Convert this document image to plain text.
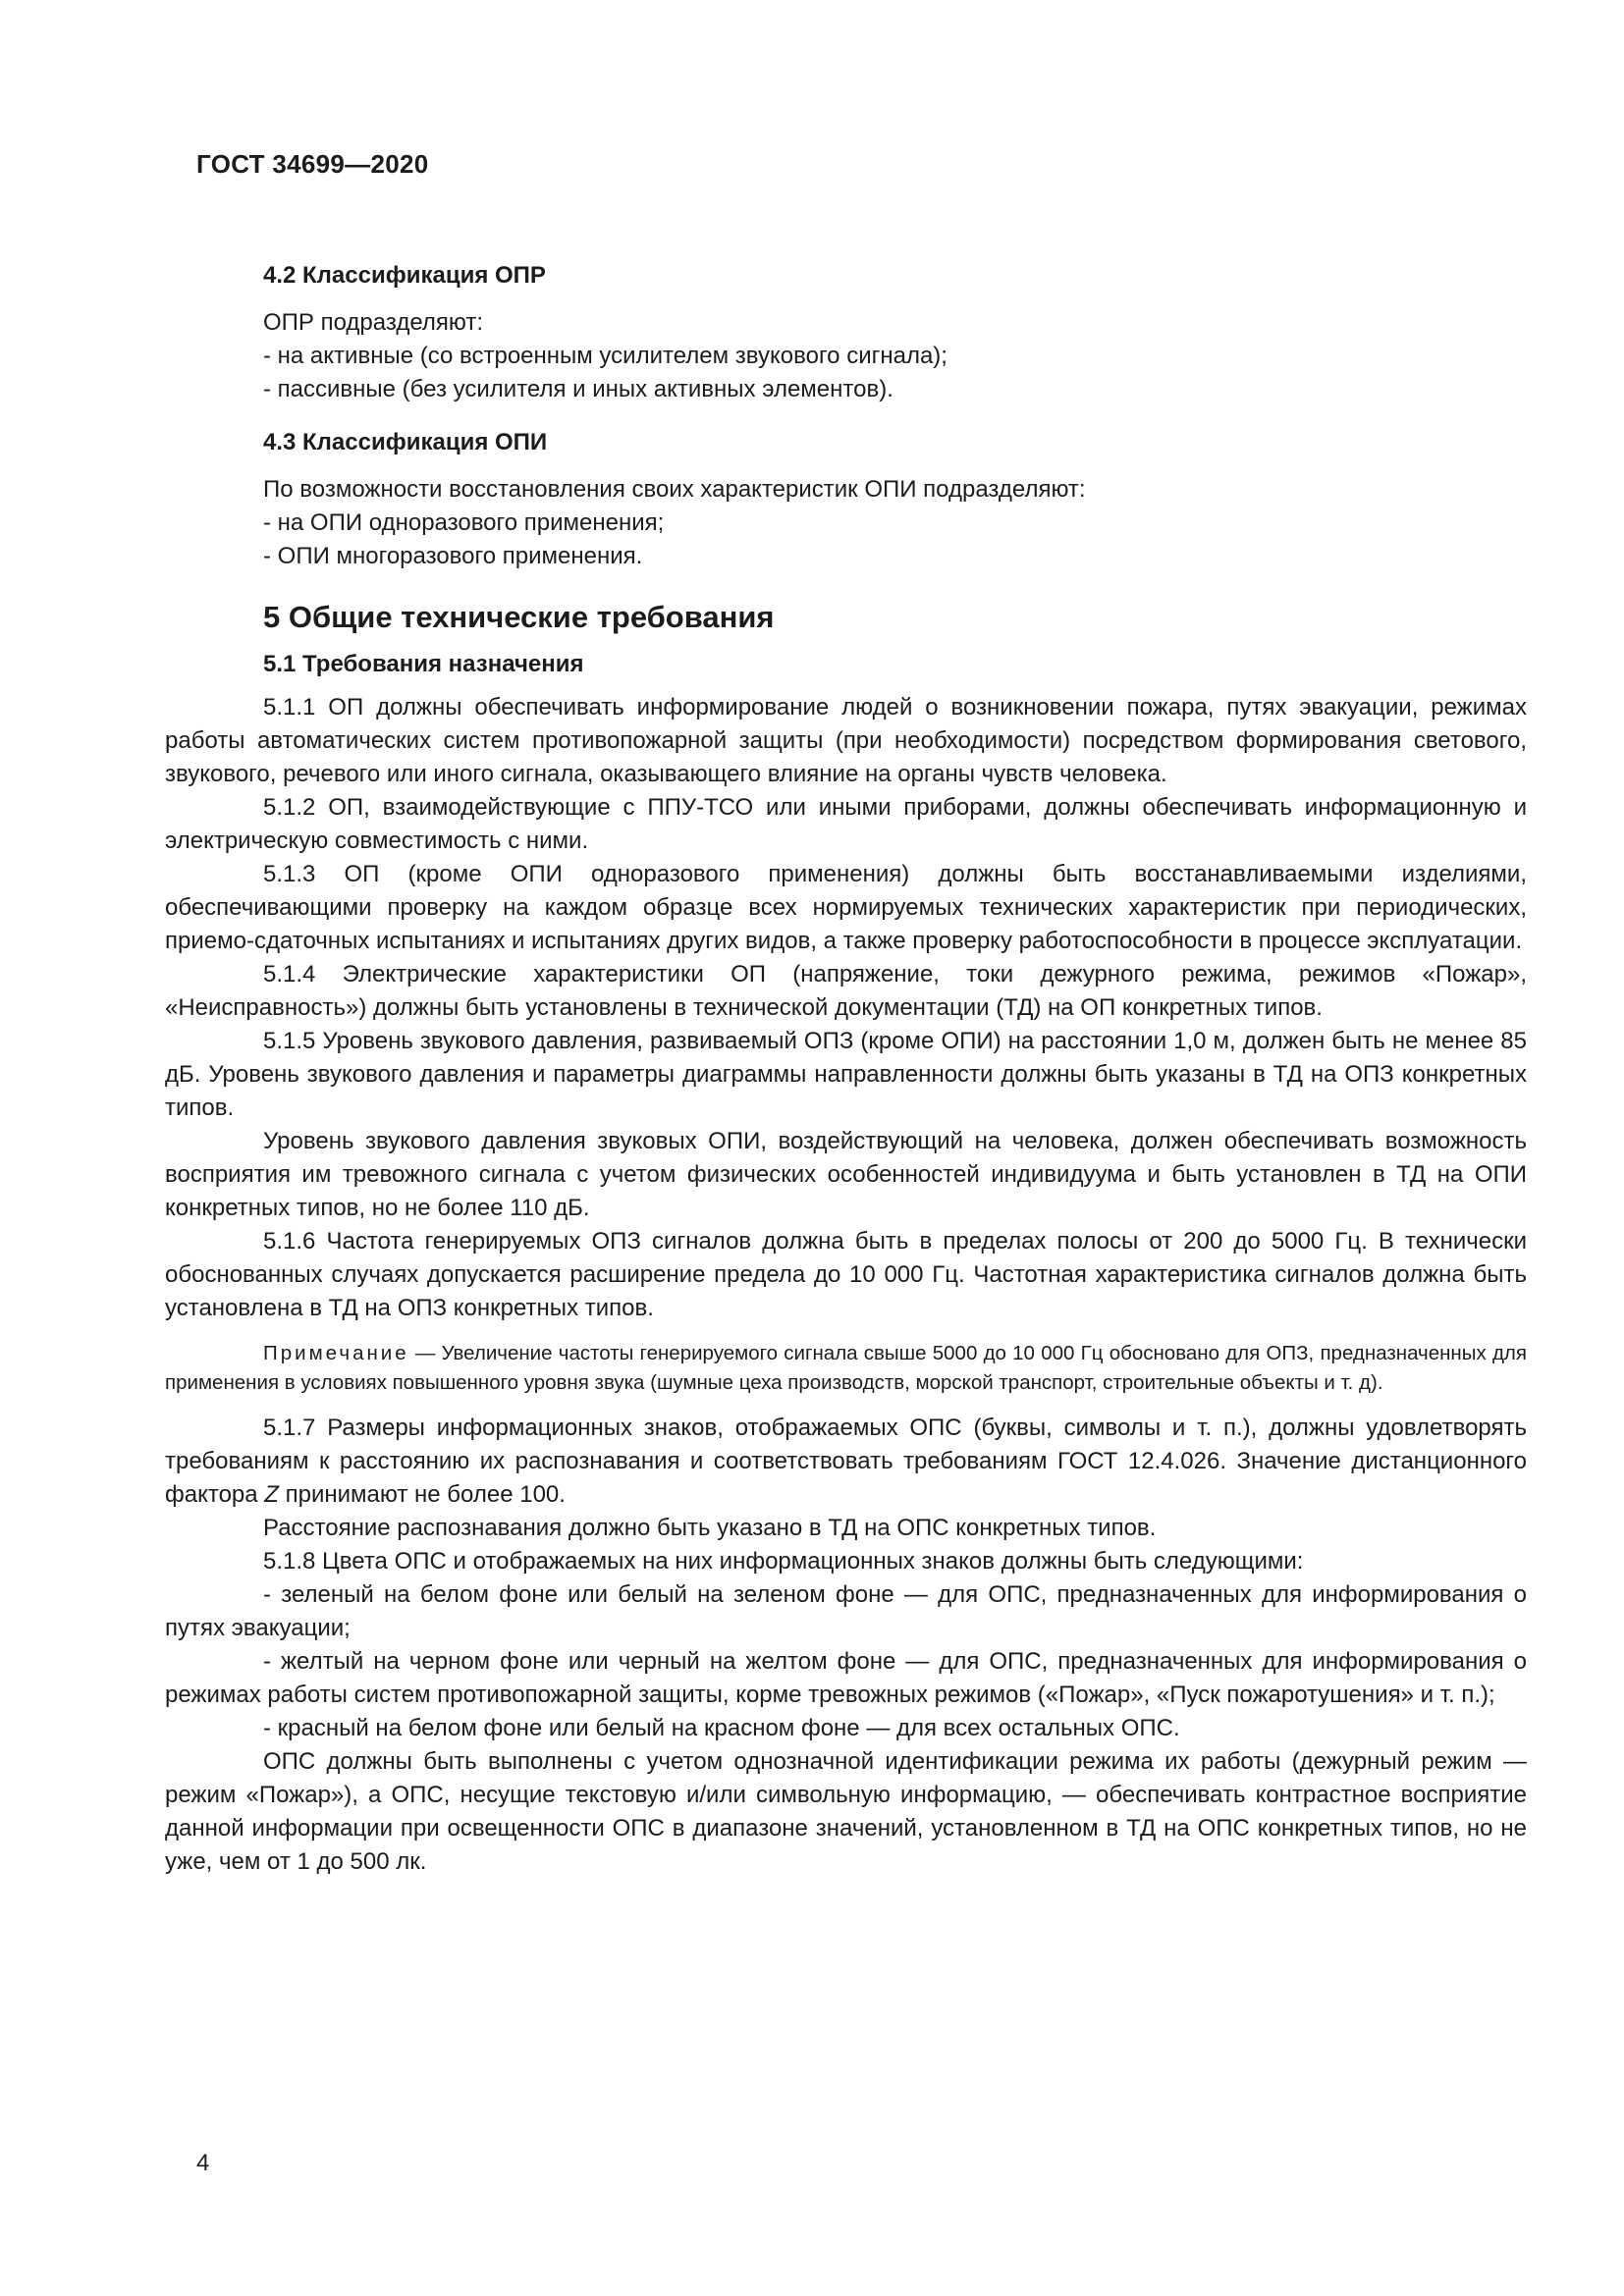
ГОСТ 34699—2020

4.2 Классификация ОПР

ОПР подразделяют:

- на активные (со встроенным усилителем звукового сигнала);

- пассивные (без усилителя и иных активных элементов).

4.3 Классификация ОПИ

По возможности восстановления своих характеристик ОПИ подразделяют:

- на ОПИ одноразового применения;

- ОПИ многоразового применения.

5 Общие технические требования

5.1 Требования назначения

5.1.1 ОП должны обеспечивать информирование людей о возникновении пожара, путях эвакуации, режимах работы автоматических систем противопожарной защиты (при необходимости) посредством формирования светового, звукового, речевого или иного сигнала, оказывающего влияние на органы чувств человека.

5.1.2 ОП, взаимодействующие с ППУ-ТСО или иными приборами, должны обеспечивать информационную и электрическую совместимость с ними.

5.1.3 ОП (кроме ОПИ одноразового применения) должны быть восстанавливаемыми изделиями, обеспечивающими проверку на каждом образце всех нормируемых технических характеристик при периодических, приемо-сдаточных испытаниях и испытаниях других видов, а также проверку работоспособности в процессе эксплуатации.

5.1.4 Электрические характеристики ОП (напряжение, токи дежурного режима, режимов «Пожар», «Неисправность») должны быть установлены в технической документации (ТД) на ОП конкретных типов.

5.1.5 Уровень звукового давления, развиваемый ОПЗ (кроме ОПИ) на расстоянии 1,0 м, должен быть не менее 85 дБ. Уровень звукового давления и параметры диаграммы направленности должны быть указаны в ТД на ОПЗ конкретных типов.

Уровень звукового давления звуковых ОПИ, воздействующий на человека, должен обеспечивать возможность восприятия им тревожного сигнала с учетом физических особенностей индивидуума и быть установлен в ТД на ОПИ конкретных типов, но не более 110 дБ.

5.1.6 Частота генерируемых ОПЗ сигналов должна быть в пределах полосы от 200 до 5000 Гц. В технически обоснованных случаях допускается расширение предела до 10 000 Гц. Частотная характеристика сигналов должна быть установлена в ТД на ОПЗ конкретных типов.

Примечание — Увеличение частоты генерируемого сигнала свыше 5000 до 10 000 Гц обосновано для ОПЗ, предназначенных для применения в условиях повышенного уровня звука (шумные цеха производств, морской транспорт, строительные объекты и т. д).

5.1.7 Размеры информационных знаков, отображаемых ОПС (буквы, символы и т. п.), должны удовлетворять требованиям к расстоянию их распознавания и соответствовать требованиям ГОСТ 12.4.026. Значение дистанционного фактора Z принимают не более 100.

Расстояние распознавания должно быть указано в ТД на ОПС конкретных типов.

5.1.8 Цвета ОПС и отображаемых на них информационных знаков должны быть следующими:

- зеленый на белом фоне или белый на зеленом фоне — для ОПС, предназначенных для информирования о путях эвакуации;

- желтый на черном фоне или черный на желтом фоне — для ОПС, предназначенных для информирования о режимах работы систем противопожарной защиты, корме тревожных режимов («Пожар», «Пуск пожаротушения» и т. п.);

- красный на белом фоне или белый на красном фоне — для всех остальных ОПС.

ОПС должны быть выполнены с учетом однозначной идентификации режима их работы (дежурный режим — режим «Пожар»), а ОПС, несущие текстовую и/или символьную информацию, — обеспечивать контрастное восприятие данной информации при освещенности ОПС в диапазоне значений, установленном в ТД на ОПС конкретных типов, но не уже, чем от 1 до 500 лк.

4
